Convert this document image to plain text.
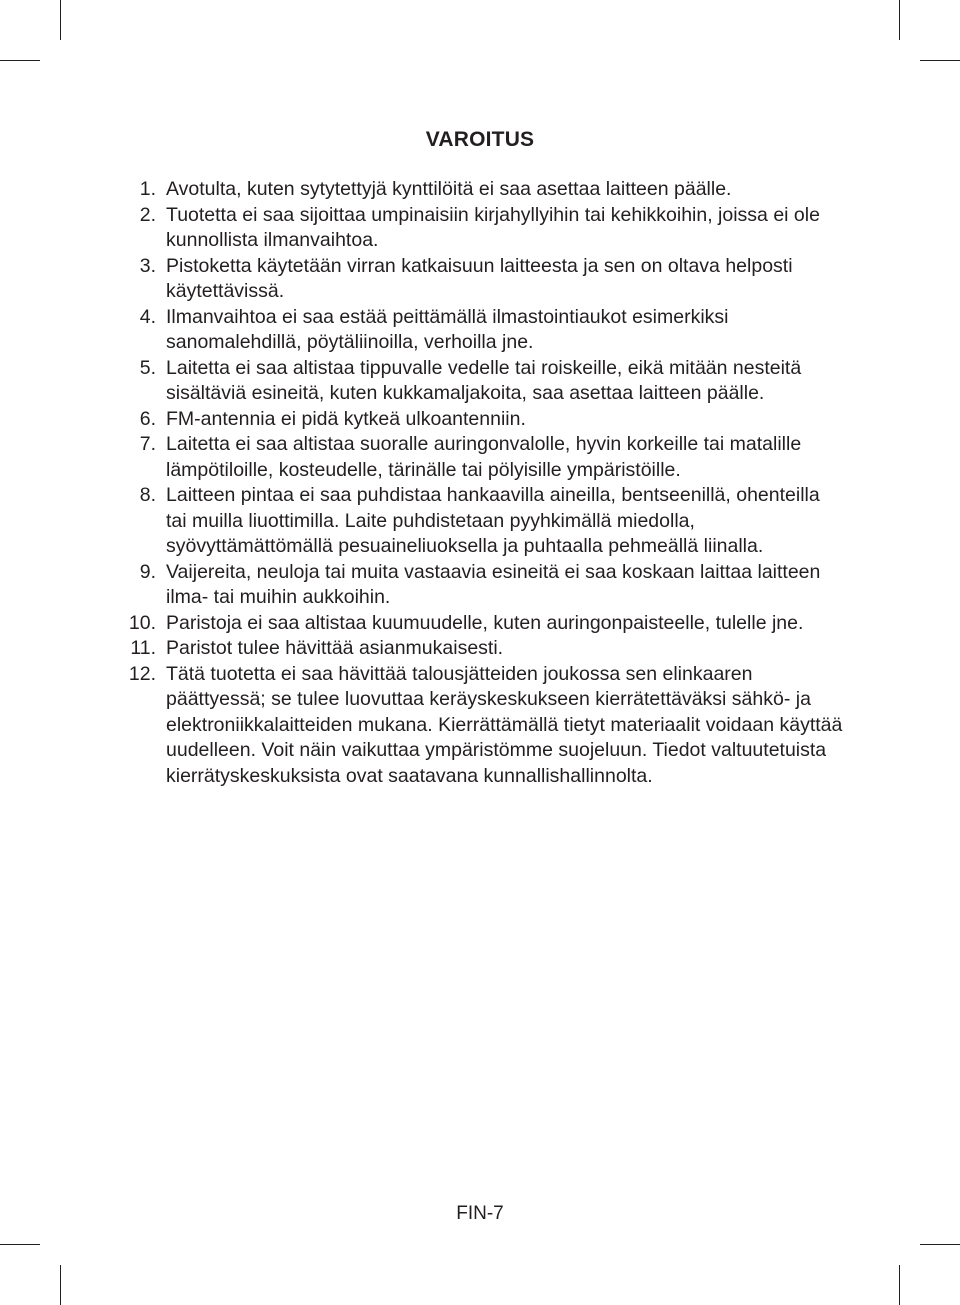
VAROITUS
1. Avotulta, kuten sytytettyjä kynttilöitä ei saa asettaa laitteen päälle.
2. Tuotetta ei saa sijoittaa umpinaisiin kirjahyllyihin tai kehikkoihin, joissa ei ole kunnollista ilmanvaihtoa.
3. Pistoketta käytetään virran katkaisuun laitteesta ja sen on oltava helposti käytettävissä.
4. Ilmanvaihtoa ei saa estää peittämällä ilmastointiaukot esimerkiksi sanomalehdillä, pöytäliinoilla, verhoilla jne.
5. Laitetta ei saa altistaa tippuvalle vedelle tai roiskeille, eikä mitään nesteitä sisältäviä esineitä, kuten kukkamaljakoita, saa asettaa laitteen päälle.
6. FM-antennia ei pidä kytkeä ulkoantenniin.
7. Laitetta ei saa altistaa suoralle auringonvalolle, hyvin korkeille tai matalille lämpötiloille, kosteudelle, tärinälle tai pölyisille ympäristöille.
8. Laitteen pintaa ei saa puhdistaa hankaavilla aineilla, bentseenillä, ohenteilla tai muilla liuottimilla. Laite puhdistetaan pyyhkimällä miedolla, syövyttämättömällä pesuaineliuoksella ja puhtaalla pehmeällä liinalla.
9. Vaijereita, neuloja tai muita vastaavia esineitä ei saa koskaan laittaa laitteen ilma- tai muihin aukkoihin.
10. Paristoja ei saa altistaa kuumuudelle, kuten auringonpaisteelle, tulelle jne.
11. Paristot tulee hävittää asianmukaisesti.
12. Tätä tuotetta ei saa hävittää talousjätteiden joukossa sen elinkaaren päättyessä; se tulee luovuttaa keräyskeskukseen kierrätettäväksi sähkö- ja elektroniikkalaitteiden mukana. Kierrättämällä tietyt materiaalit voidaan käyttää uudelleen. Voit näin vaikuttaa ympäristömme suojeluun. Tiedot valtuutetuista kierrätyskeskuksista ovat saatavana kunnallishallinnolta.
FIN-7
